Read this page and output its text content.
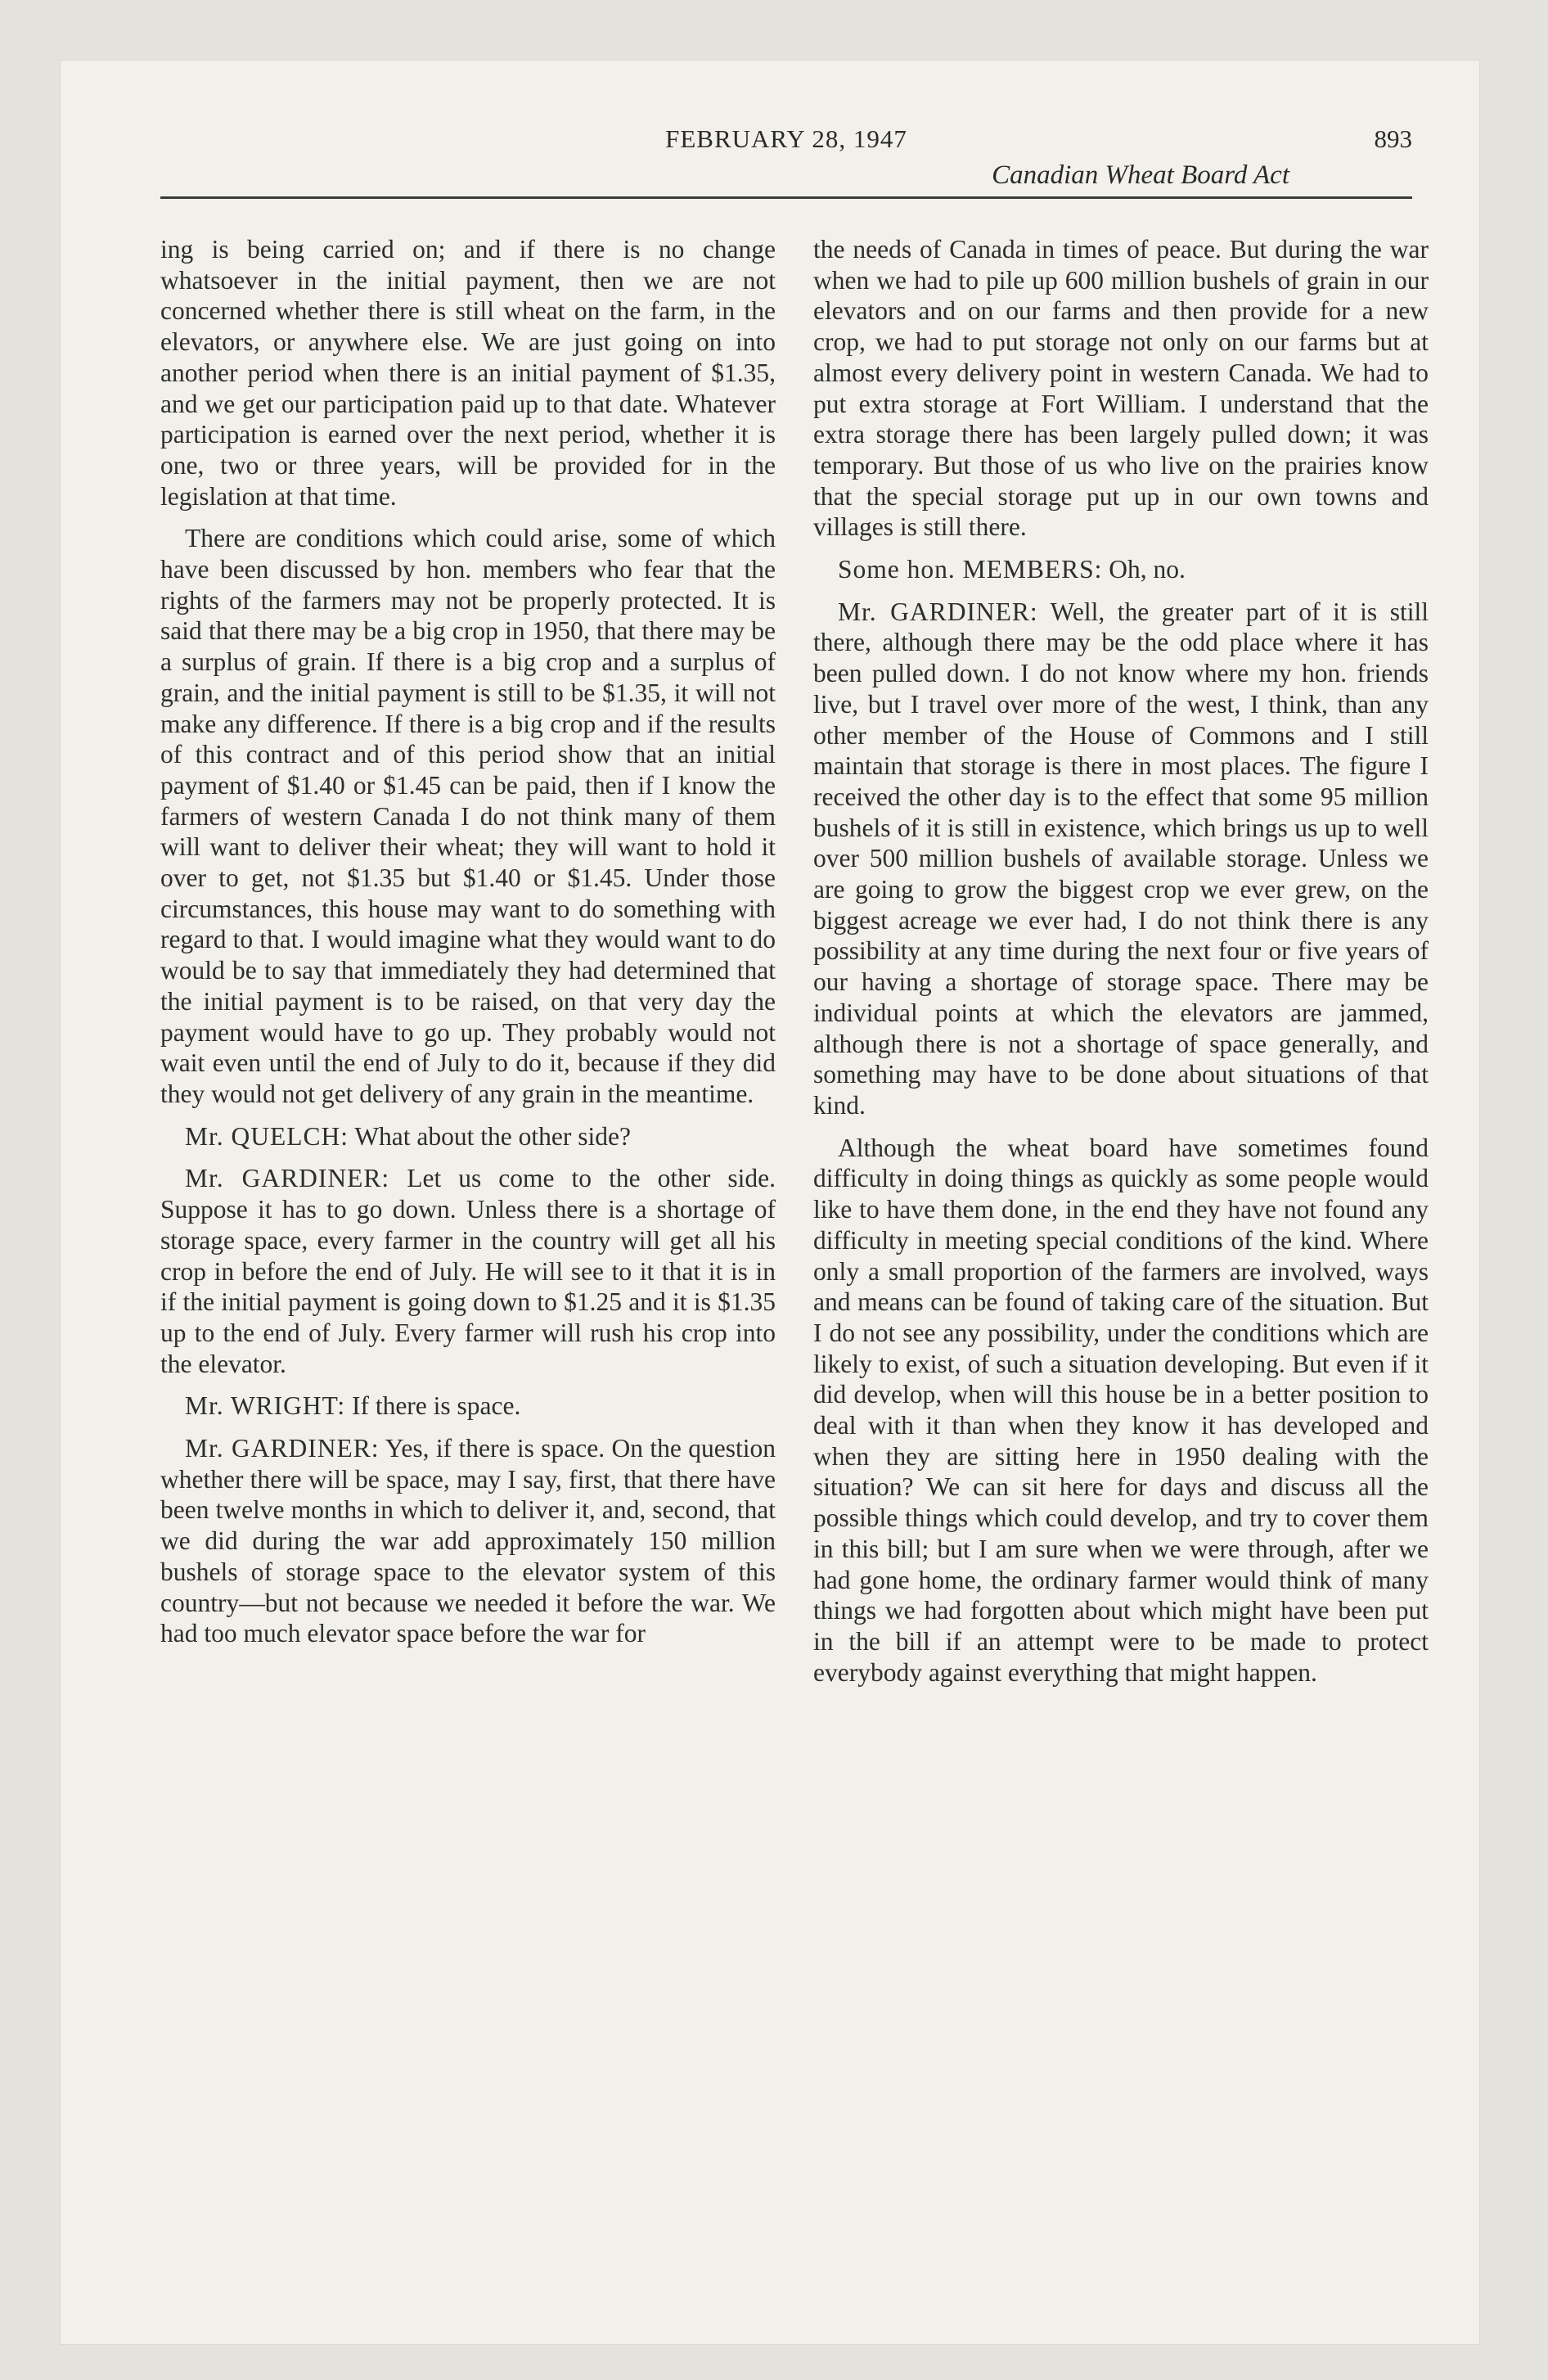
FEBRUARY 28, 1947	893
Canadian Wheat Board Act

ing is being carried on; and if there is no change whatsoever in the initial payment, then we are not concerned whether there is still wheat on the farm, in the elevators, or anywhere else. We are just going on into another period when there is an initial payment of $1.35, and we get our participation paid up to that date. Whatever participation is earned over the next period, whether it is one, two or three years, will be provided for in the legislation at that time.

There are conditions which could arise, some of which have been discussed by hon. members who fear that the rights of the farmers may not be properly protected. It is said that there may be a big crop in 1950, that there may be a surplus of grain. If there is a big crop and a surplus of grain, and the initial payment is still to be $1.35, it will not make any difference. If there is a big crop and if the results of this contract and of this period show that an initial payment of $1.40 or $1.45 can be paid, then if I know the farmers of western Canada I do not think many of them will want to deliver their wheat; they will want to hold it over to get, not $1.35 but $1.40 or $1.45. Under those circumstances, this house may want to do something with regard to that. I would imagine what they would want to do would be to say that immediately they had determined that the initial payment is to be raised, on that very day the payment would have to go up. They probably would not wait even until the end of July to do it, because if they did they would not get delivery of any grain in the meantime.

Mr. QUELCH: What about the other side?

Mr. GARDINER: Let us come to the other side. Suppose it has to go down. Unless there is a shortage of storage space, every farmer in the country will get all his crop in before the end of July. He will see to it that it is in if the initial payment is going down to $1.25 and it is $1.35 up to the end of July. Every farmer will rush his crop into the elevator.

Mr. WRIGHT: If there is space.

Mr. GARDINER: Yes, if there is space. On the question whether there will be space, may I say, first, that there have been twelve months in which to deliver it, and, second, that we did during the war add approximately 150 million bushels of storage space to the elevator system of this country—but not because we needed it before the war. We had too much elevator space before the war for

the needs of Canada in times of peace. But during the war when we had to pile up 600 million bushels of grain in our elevators and on our farms and then provide for a new crop, we had to put storage not only on our farms but at almost every delivery point in western Canada. We had to put extra storage at Fort William. I understand that the extra storage there has been largely pulled down; it was temporary. But those of us who live on the prairies know that the special storage put up in our own towns and villages is still there.

Some hon. MEMBERS: Oh, no.

Mr. GARDINER: Well, the greater part of it is still there, although there may be the odd place where it has been pulled down. I do not know where my hon. friends live, but I travel over more of the west, I think, than any other member of the House of Commons and I still maintain that storage is there in most places. The figure I received the other day is to the effect that some 95 million bushels of it is still in existence, which brings us up to well over 500 million bushels of available storage. Unless we are going to grow the biggest crop we ever grew, on the biggest acreage we ever had, I do not think there is any possibility at any time during the next four or five years of our having a shortage of storage space. There may be individual points at which the elevators are jammed, although there is not a shortage of space generally, and something may have to be done about situations of that kind.

Although the wheat board have sometimes found difficulty in doing things as quickly as some people would like to have them done, in the end they have not found any difficulty in meeting special conditions of the kind. Where only a small proportion of the farmers are involved, ways and means can be found of taking care of the situation. But I do not see any possibility, under the conditions which are likely to exist, of such a situation developing. But even if it did develop, when will this house be in a better position to deal with it than when they know it has developed and when they are sitting here in 1950 dealing with the situation? We can sit here for days and discuss all the possible things which could develop, and try to cover them in this bill; but I am sure when we were through, after we had gone home, the ordinary farmer would think of many things we had forgotten about which might have been put in the bill if an attempt were to be made to protect everybody against everything that might happen.
